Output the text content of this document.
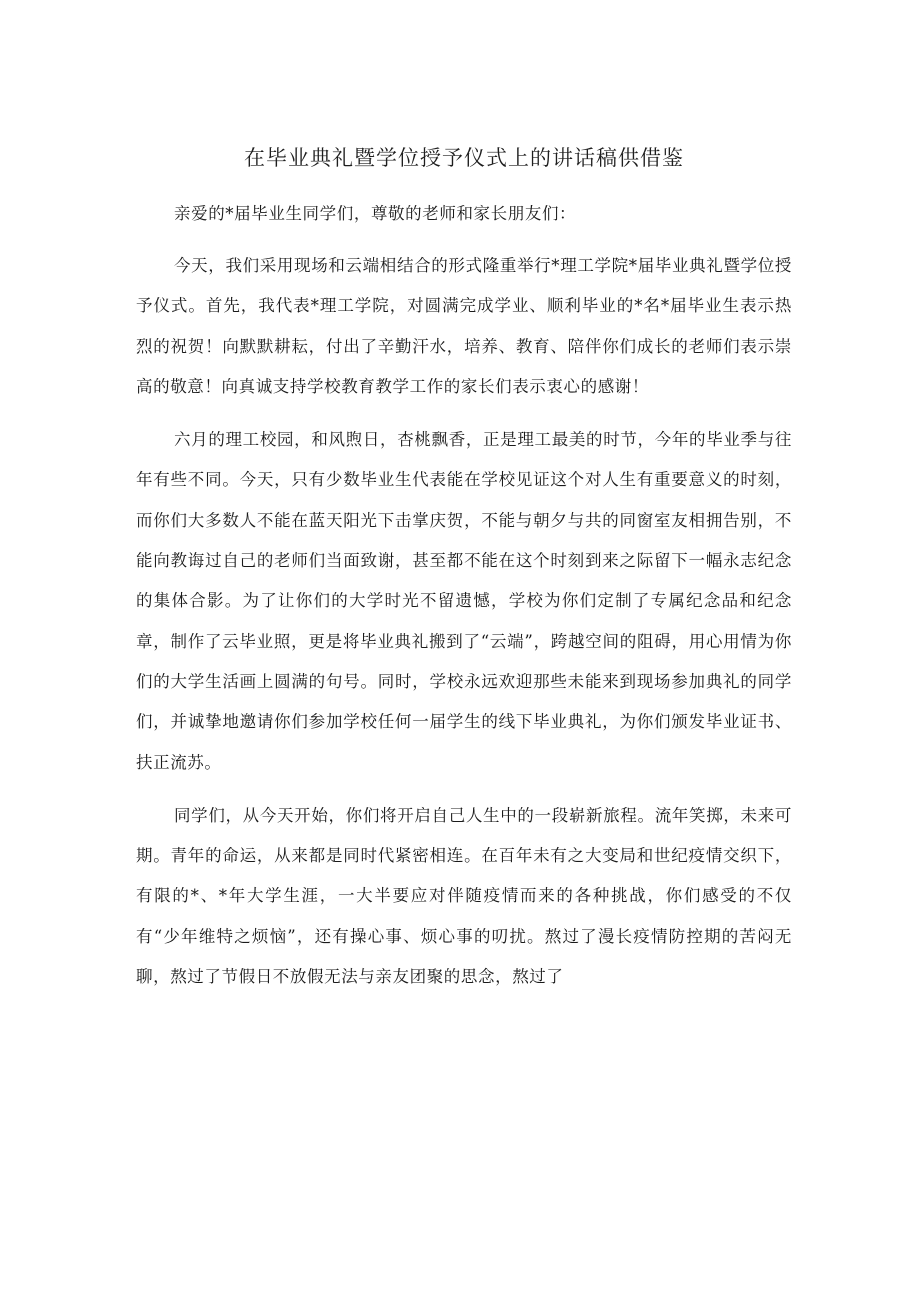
在毕业典礼暨学位授予仪式上的讲话稿供借鉴

亲爱的*届毕业生同学们，尊敬的老师和家长朋友们：

今天，我们采用现场和云端相结合的形式隆重举行*理工学院*届毕业典礼暨学位授予仪式。首先，我代表*理工学院，对圆满完成学业、顺利毕业的*名*届毕业生表示热烈的祝贺！向默默耕耘，付出了辛勤汗水，培养、教育、陪伴你们成长的老师们表示崇高的敬意！向真诚支持学校教育教学工作的家长们表示衷心的感谢！

六月的理工校园，和风煦日，杏桃飘香，正是理工最美的时节，今年的毕业季与往年有些不同。今天，只有少数毕业生代表能在学校见证这个对人生有重要意义的时刻，而你们大多数人不能在蓝天阳光下击掌庆贺，不能与朝夕与共的同窗室友相拥告别，不能向教诲过自己的老师们当面致谢，甚至都不能在这个时刻到来之际留下一幅永志纪念的集体合影。为了让你们的大学时光不留遗憾，学校为你们定制了专属纪念品和纪念章，制作了云毕业照，更是将毕业典礼搬到了“云端”，跨越空间的阻碍，用心用情为你们的大学生活画上圆满的句号。同时，学校永远欢迎那些未能来到现场参加典礼的同学们，并诚挚地邀请你们参加学校任何一届学生的线下毕业典礼，为你们颁发毕业证书、扶正流苏。

同学们，从今天开始，你们将开启自己人生中的一段崭新旅程。流年笑掷，未来可期。青年的命运，从来都是同时代紧密相连。在百年未有之大变局和世纪疫情交织下，有限的*、*年大学生涯，一大半要应对伴随疫情而来的各种挑战，你们感受的不仅有“少年维特之烦恼”，还有操心事、烦心事的叨扰。熬过了漫长疫情防控期的苦闷无聊，熬过了节假日不放假无法与亲友团聚的思念，熬过了
